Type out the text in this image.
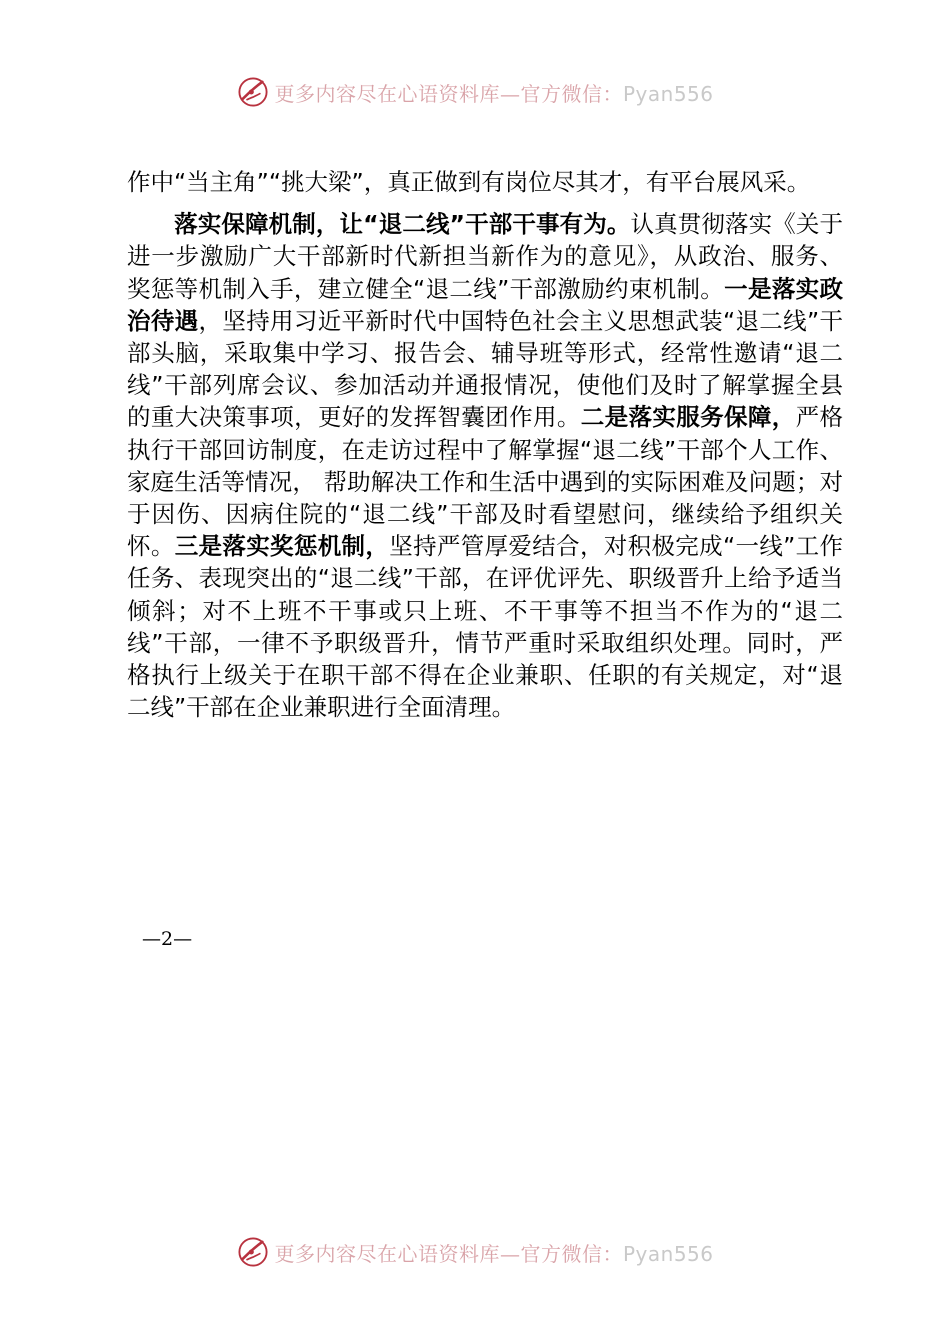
更多内容尽在心语资料库—官方微信：Pyan556

作中“当主角”“挑大梁”，真正做到有岗位尽其才，有平台展风采。

落实保障机制，让“退二线”干部干事有为。认真贯彻落实《关于进一步激励广大干部新时代新担当新作为的意见》，从政治、服务、奖惩等机制入手，建立健全“退二线”干部激励约束机制。一是落实政治待遇，坚持用习近平新时代中国特色社会主义思想武装“退二线”干部头脑，采取集中学习、报告会、辅导班等形式，经常性邀请“退二线”干部列席会议、参加活动并通报情况，使他们及时了解掌握全县的重大决策事项，更好的发挥智囊团作用。二是落实服务保障，严格执行干部回访制度，在走访过程中了解掌握“退二线”干部个人工作、家庭生活等情况， 帮助解决工作和生活中遇到的实际困难及问题；对于因伤、因病住院的“退二线”干部及时看望慰问，继续给予组织关怀。三是落实奖惩机制，坚持严管厚爱结合，对积极完成“一线”工作任务、表现突出的“退二线”干部，在评优评先、职级晋升上给予适当倾斜；对不上班不干事或只上班、不干事等不担当不作为的“退二线”干部，一律不予职级晋升，情节严重时采取组织处理。同时，严格执行上级关于在职干部不得在企业兼职、任职的有关规定，对“退二线”干部在企业兼职进行全面清理。

—2—
更多内容尽在心语资料库—官方微信：Pyan556
